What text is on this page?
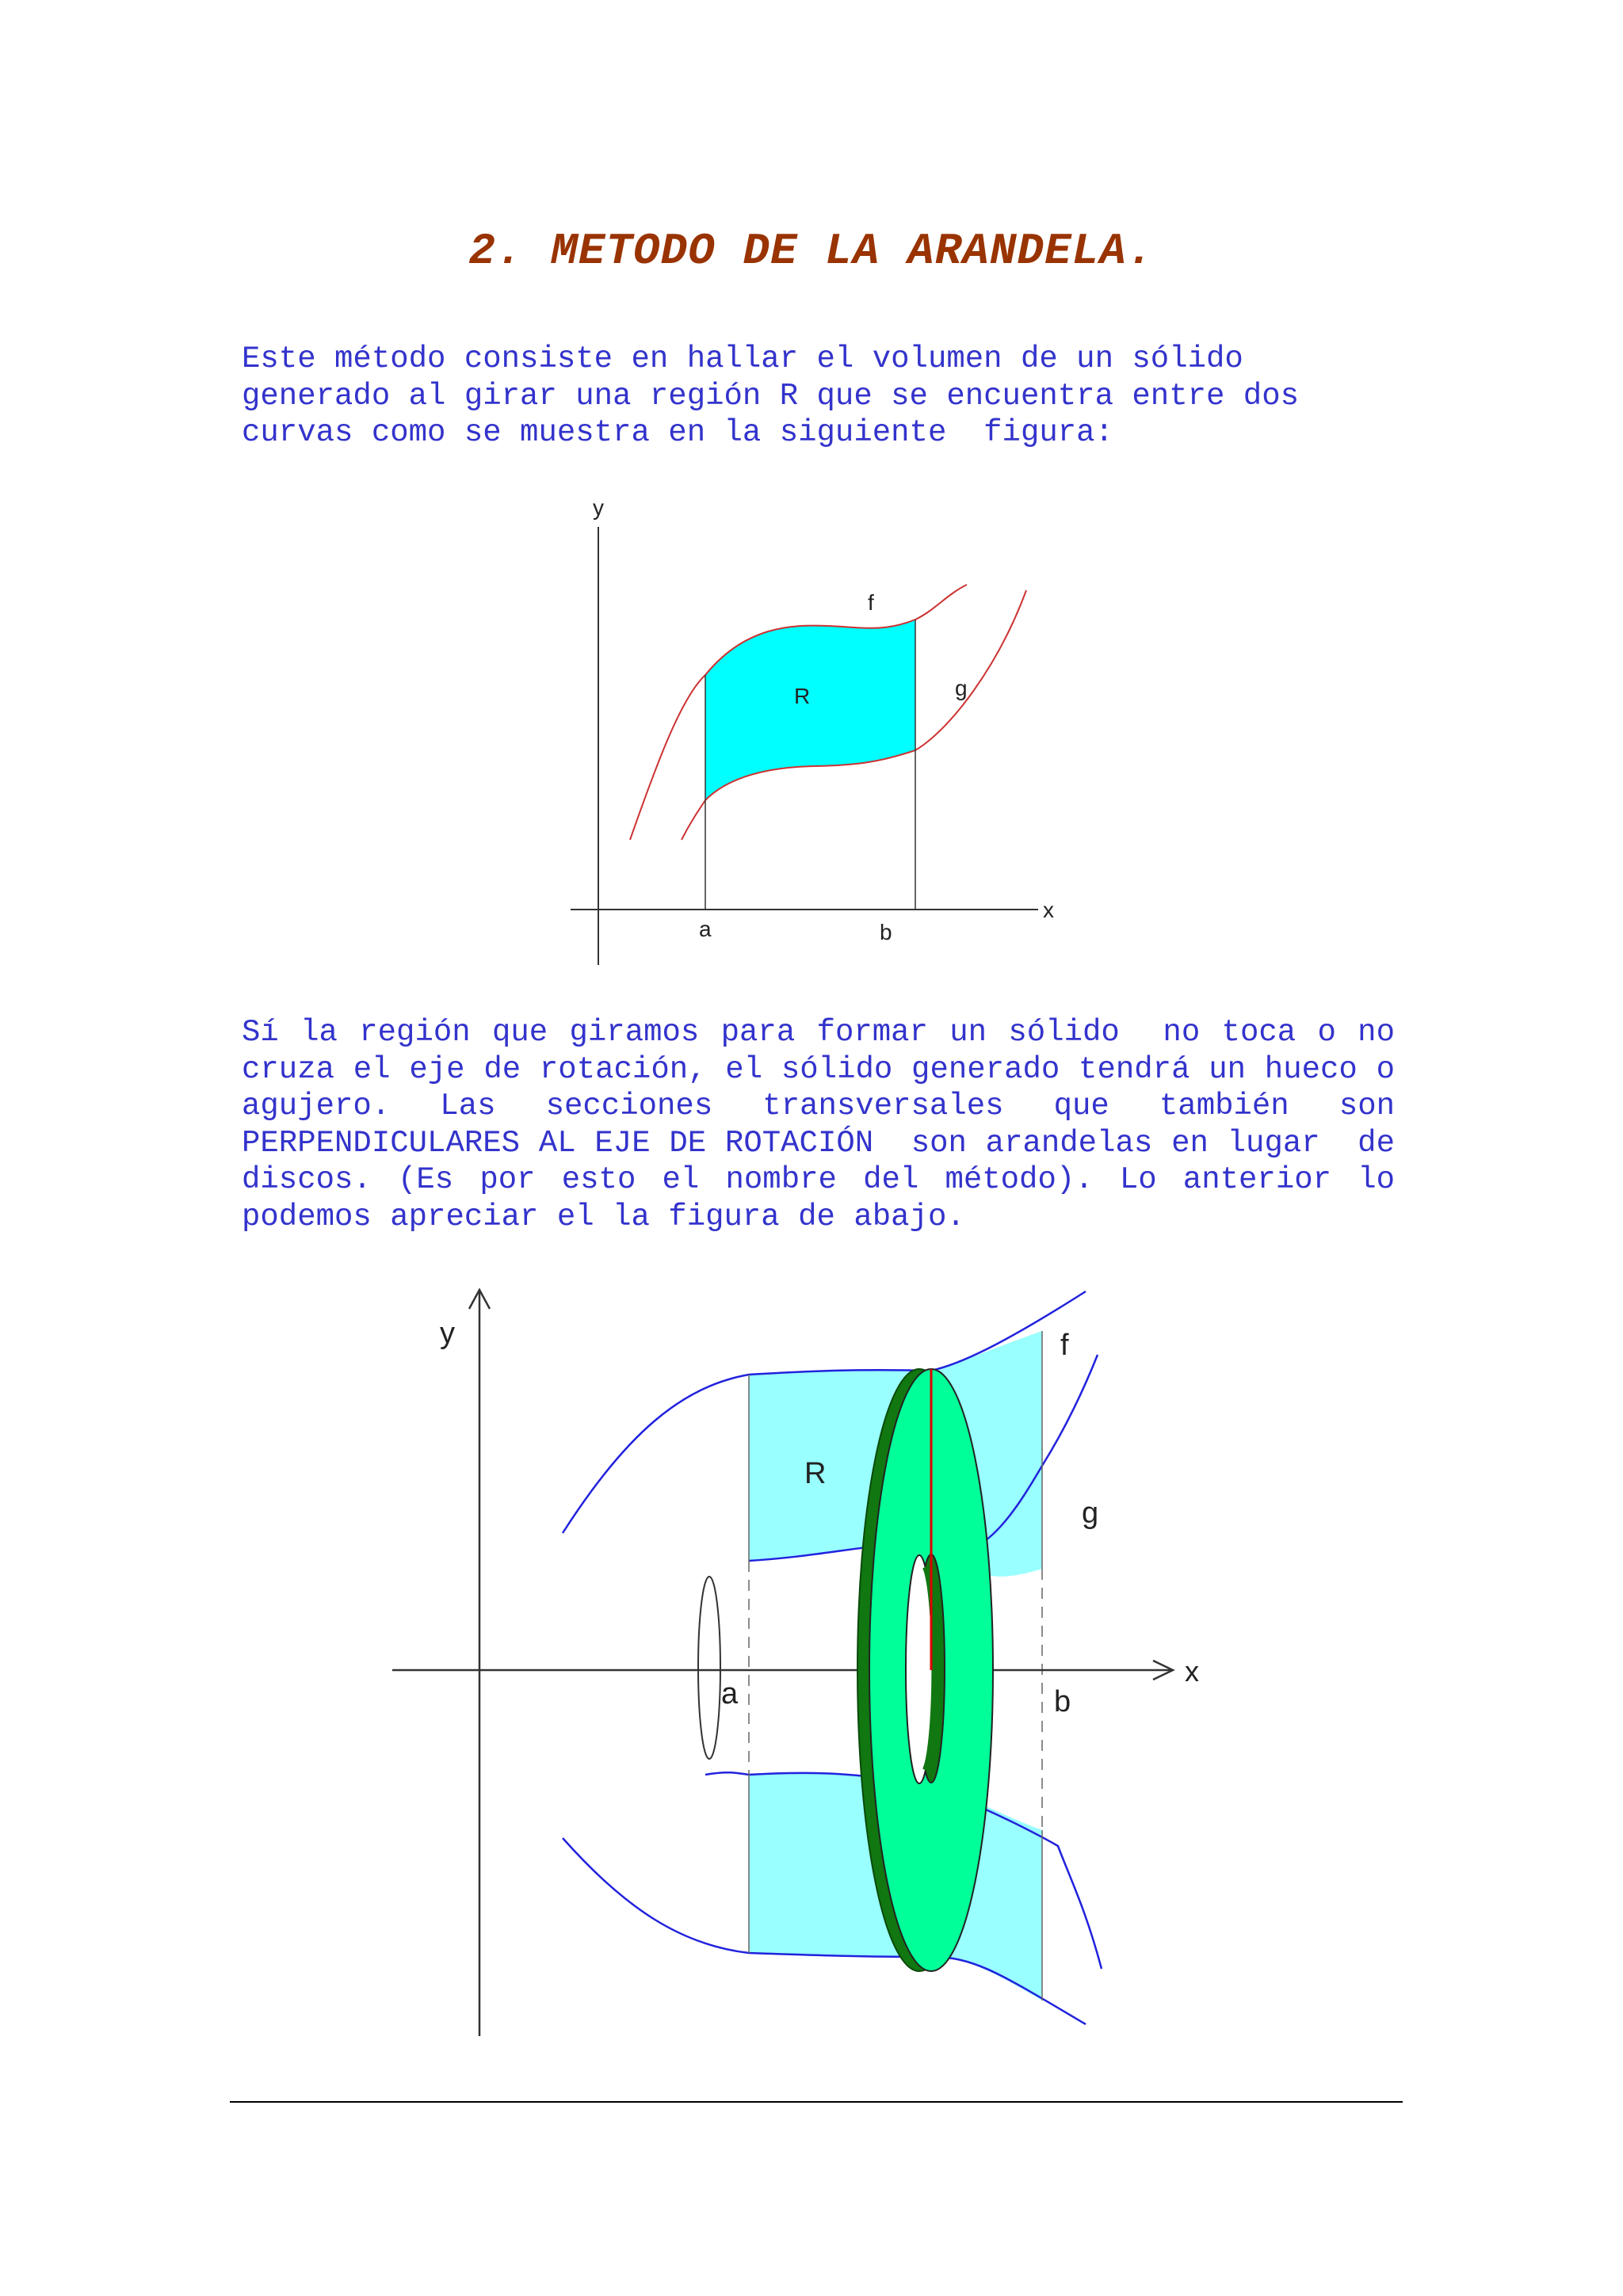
2. METODO DE LA ARANDELA.
Este método consiste en hallar el volumen de un sólido
generado al girar una región R que se encuentra entre dos
curvas como se muestra en la siguiente  figura:
y
x
f
g
R
a	b
Sí la región que giramos para formar un sólido  no toca o no cruza el eje de rotación, el sólido generado tendrá un hueco o agujero. Las secciones transversales que también son PERPENDICULARES AL EJE DE ROTACIÓN  son arandelas en lugar  de discos. (Es por esto el nombre del método). Lo anterior lo podemos apreciar el la figura de abajo.
y
x
f
g
R
a	b
